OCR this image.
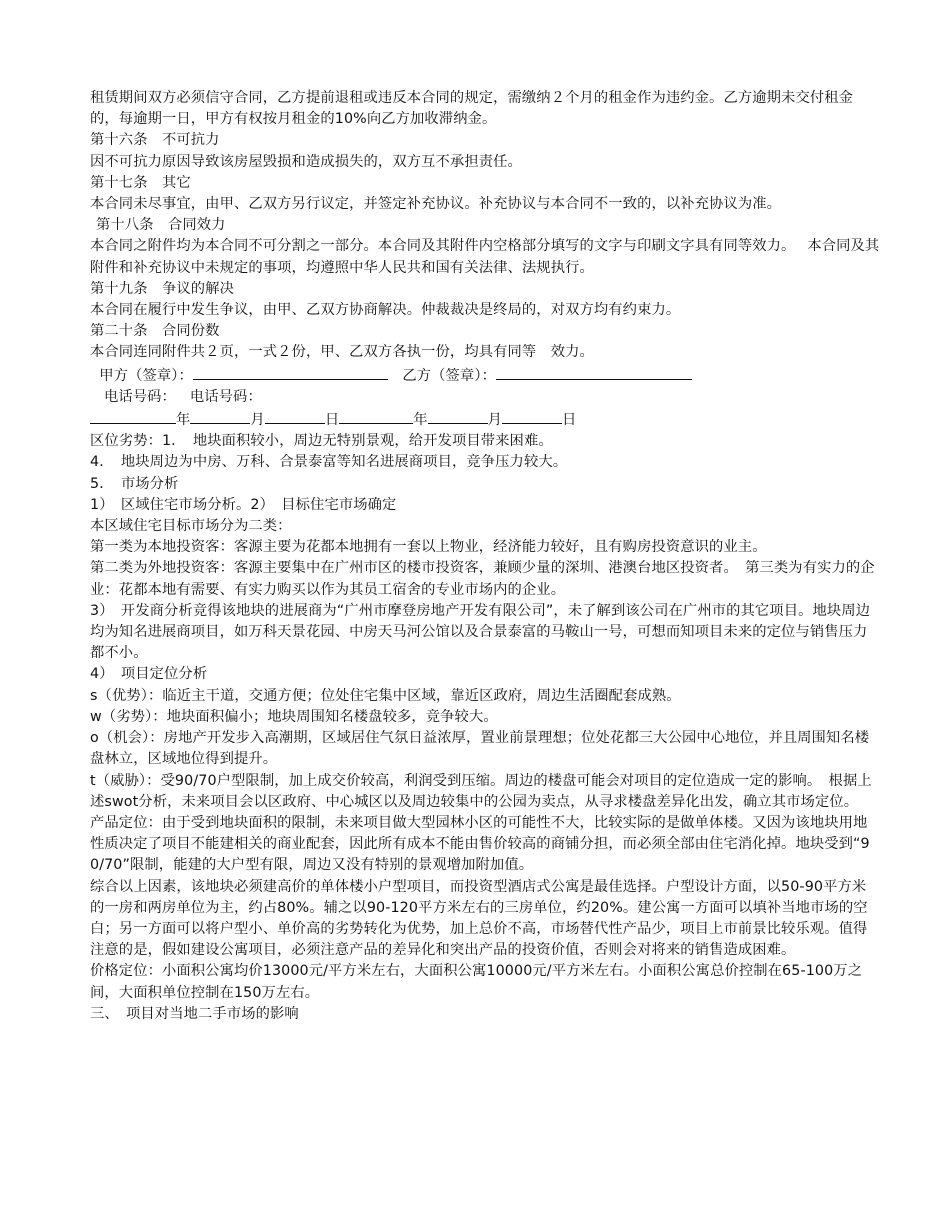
租赁期间双方必须信守合同，乙方提前退租或违反本合同的规定，需缴纳２个月的租金作为违约金。乙方逾期未交付租金的，每逾期一日，甲方有权按月租金的10%向乙方加收滞纳金。

第十六条　不可抗力

因不可抗力原因导致该房屋毁损和造成损失的，双方互不承担责任。

第十七条　其它

本合同未尽事宜，由甲、乙双方另行议定，并签定补充协议。补充协议与本合同不一致的，以补充协议为准。

第十八条　合同效力

本合同之附件均为本合同不可分割之一部分。本合同及其附件内空格部分填写的文字与印刷文字具有同等效力。　 本合同及其附件和补充协议中未规定的事项，均遵照中华人民共和国有关法律、法规执行。

第十九条　争议的解决

本合同在履行中发生争议，由甲、乙双方协商解决。仲裁裁决是终局的，对双方均有约束力。

第二十条　合同份数

本合同连同附件共２页，一式２份，甲、乙双方各执一份，均具有同等　效力。

甲方（签章）：　	乙方（签章）：
电话号码： 电话号码：
年	月	日	年	月	日

区位劣势：1．　地块面积较小，周边无特别景观，给开发项目带来困难。

4．　地块周边为中房、万科、合景泰富等知名进展商项目，竞争压力较大。

5．　市场分析

1）　区域住宅市场分析。2）　目标住宅市场确定

本区域住宅目标市场分为二类：

第一类为本地投资客：客源主要为花都本地拥有一套以上物业，经济能力较好，且有购房投资意识的业主。

第二类为外地投资客：客源主要集中在广州市区的楼市投资客，兼顾少量的深圳、港澳台地区投资者。　第三类为有实力的企业：花都本地有需要、有实力购买以作为其员工宿舍的专业市场内的企业。

3）　开发商分析竞得该地块的进展商为“广州市摩登房地产开发有限公司”，未了解到该公司在广州市的其它项目。地块周边均为知名进展商项目，如万科天景花园、中房天马河公馆以及合景泰富的马鞍山一号，可想而知项目未来的定位与销售压力都不小。

4）　项目定位分析

s（优势）：临近主干道，交通方便；位处住宅集中区域，靠近区政府，周边生活圈配套成熟。

w（劣势）：地块面积偏小；地块周围知名楼盘较多，竞争较大。

o（机会）：房地产开发步入高潮期，区域居住气氛日益浓厚，置业前景理想；位处花都三大公园中心地位，并且周围知名楼盘林立，区域地位得到提升。

t（威胁）：受90/70户型限制，加上成交价较高，利润受到压缩。周边的楼盘可能会对项目的定位造成一定的影响。　根据上述swot分析，未来项目会以区政府、中心城区以及周边较集中的公园为卖点，从寻求楼盘差异化出发，确立其市场定位。

产品定位：由于受到地块面积的限制，未来项目做大型园林小区的可能性不大，比较实际的是做单体楼。又因为该地块用地性质决定了项目不能建相关的商业配套，因此所有成本不能由售价较高的商铺分担，而必须全部由住宅消化掉。地块受到“90/70”限制，能建的大户型有限，周边又没有特别的景观增加附加值。

综合以上因素，该地块必须建高价的单体楼小户型项目，而投资型酒店式公寓是最佳选择。户型设计方面，以50-90平方米的一房和两房单位为主，约占80%。辅之以90-120平方米左右的三房单位，约20%。建公寓一方面可以填补当地市场的空白；另一方面可以将户型小、单价高的劣势转化为优势，加上总价不高，市场替代性产品少，项目上市前景比较乐观。值得注意的是，假如建设公寓项目，必须注意产品的差异化和突出产品的投资价值，否则会对将来的销售造成困难。

价格定位：小面积公寓均价13000元/平方米左右，大面积公寓10000元/平方米左右。小面积公寓总价控制在65-100万之间，大面积单位控制在150万左右。

三、　项目对当地二手市场的影响
